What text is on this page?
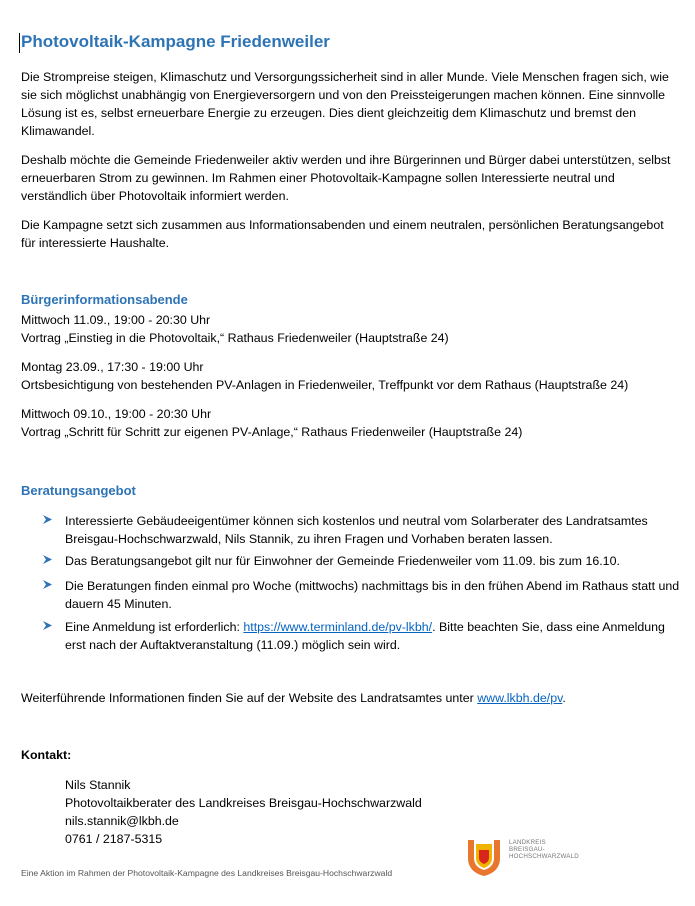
Photovoltaik-Kampagne Friedenweiler

Die Strompreise steigen, Klimaschutz und Versorgungssicherheit sind in aller Munde. Viele Menschen fragen sich, wie sie sich möglichst unabhängig von Energieversorgern und von den Preissteigerungen machen können. Eine sinnvolle Lösung ist es, selbst erneuerbare Energie zu erzeugen. Dies dient gleichzeitig dem Klimaschutz und bremst den Klimawandel.

Deshalb möchte die Gemeinde Friedenweiler aktiv werden und ihre Bürgerinnen und Bürger dabei unterstützen, selbst erneuerbaren Strom zu gewinnen. Im Rahmen einer Photovoltaik-Kampagne sollen Interessierte neutral und verständlich über Photovoltaik informiert werden.

Die Kampagne setzt sich zusammen aus Informationsabenden und einem neutralen, persönlichen Beratungsangebot für interessierte Haushalte.

Bürgerinformationsabende
Mittwoch 11.09., 19:00 - 20:30 Uhr
Vortrag „Einstieg in die Photovoltaik,“ Rathaus Friedenweiler (Hauptstraße 24)
Montag 23.09., 17:30 - 19:00 Uhr
Ortsbesichtigung von bestehenden PV-Anlagen in Friedenweiler, Treffpunkt vor dem Rathaus (Hauptstraße 24)
Mittwoch 09.10., 19:00 - 20:30 Uhr
Vortrag „Schritt für Schritt zur eigenen PV-Anlage,“ Rathaus Friedenweiler (Hauptstraße 24)
Beratungsangebot

Interessierte Gebäudeeigentümer können sich kostenlos und neutral vom Solarberater des Landratsamtes Breisgau-Hochschwarzwald, Nils Stannik, zu ihren Fragen und Vorhaben beraten lassen.

Das Beratungsangebot gilt nur für Einwohner der Gemeinde Friedenweiler vom 11.09. bis zum 16.10.

Die Beratungen finden einmal pro Woche (mittwochs) nachmittags bis in den frühen Abend im Rathaus statt und dauern 45 Minuten.

Eine Anmeldung ist erforderlich: https://www.terminland.de/pv-lkbh/. Bitte beachten Sie, dass eine Anmeldung erst nach der Auftaktveranstaltung (11.09.) möglich sein wird.

Weiterführende Informationen finden Sie auf der Website des Landratsamtes unter www.lkbh.de/pv.
Kontakt:
Nils Stannik
Photovoltaikberater des Landkreises Breisgau-Hochschwarzwald
nils.stannik@lkbh.de
0761 / 2187-5315
Eine Aktion im Rahmen der Photovoltaik-Kampagne des Landkreises Breisgau-Hochschwarzwald
LANDKREIS
BREISGAU-
HOCHSCHWARZWALD
